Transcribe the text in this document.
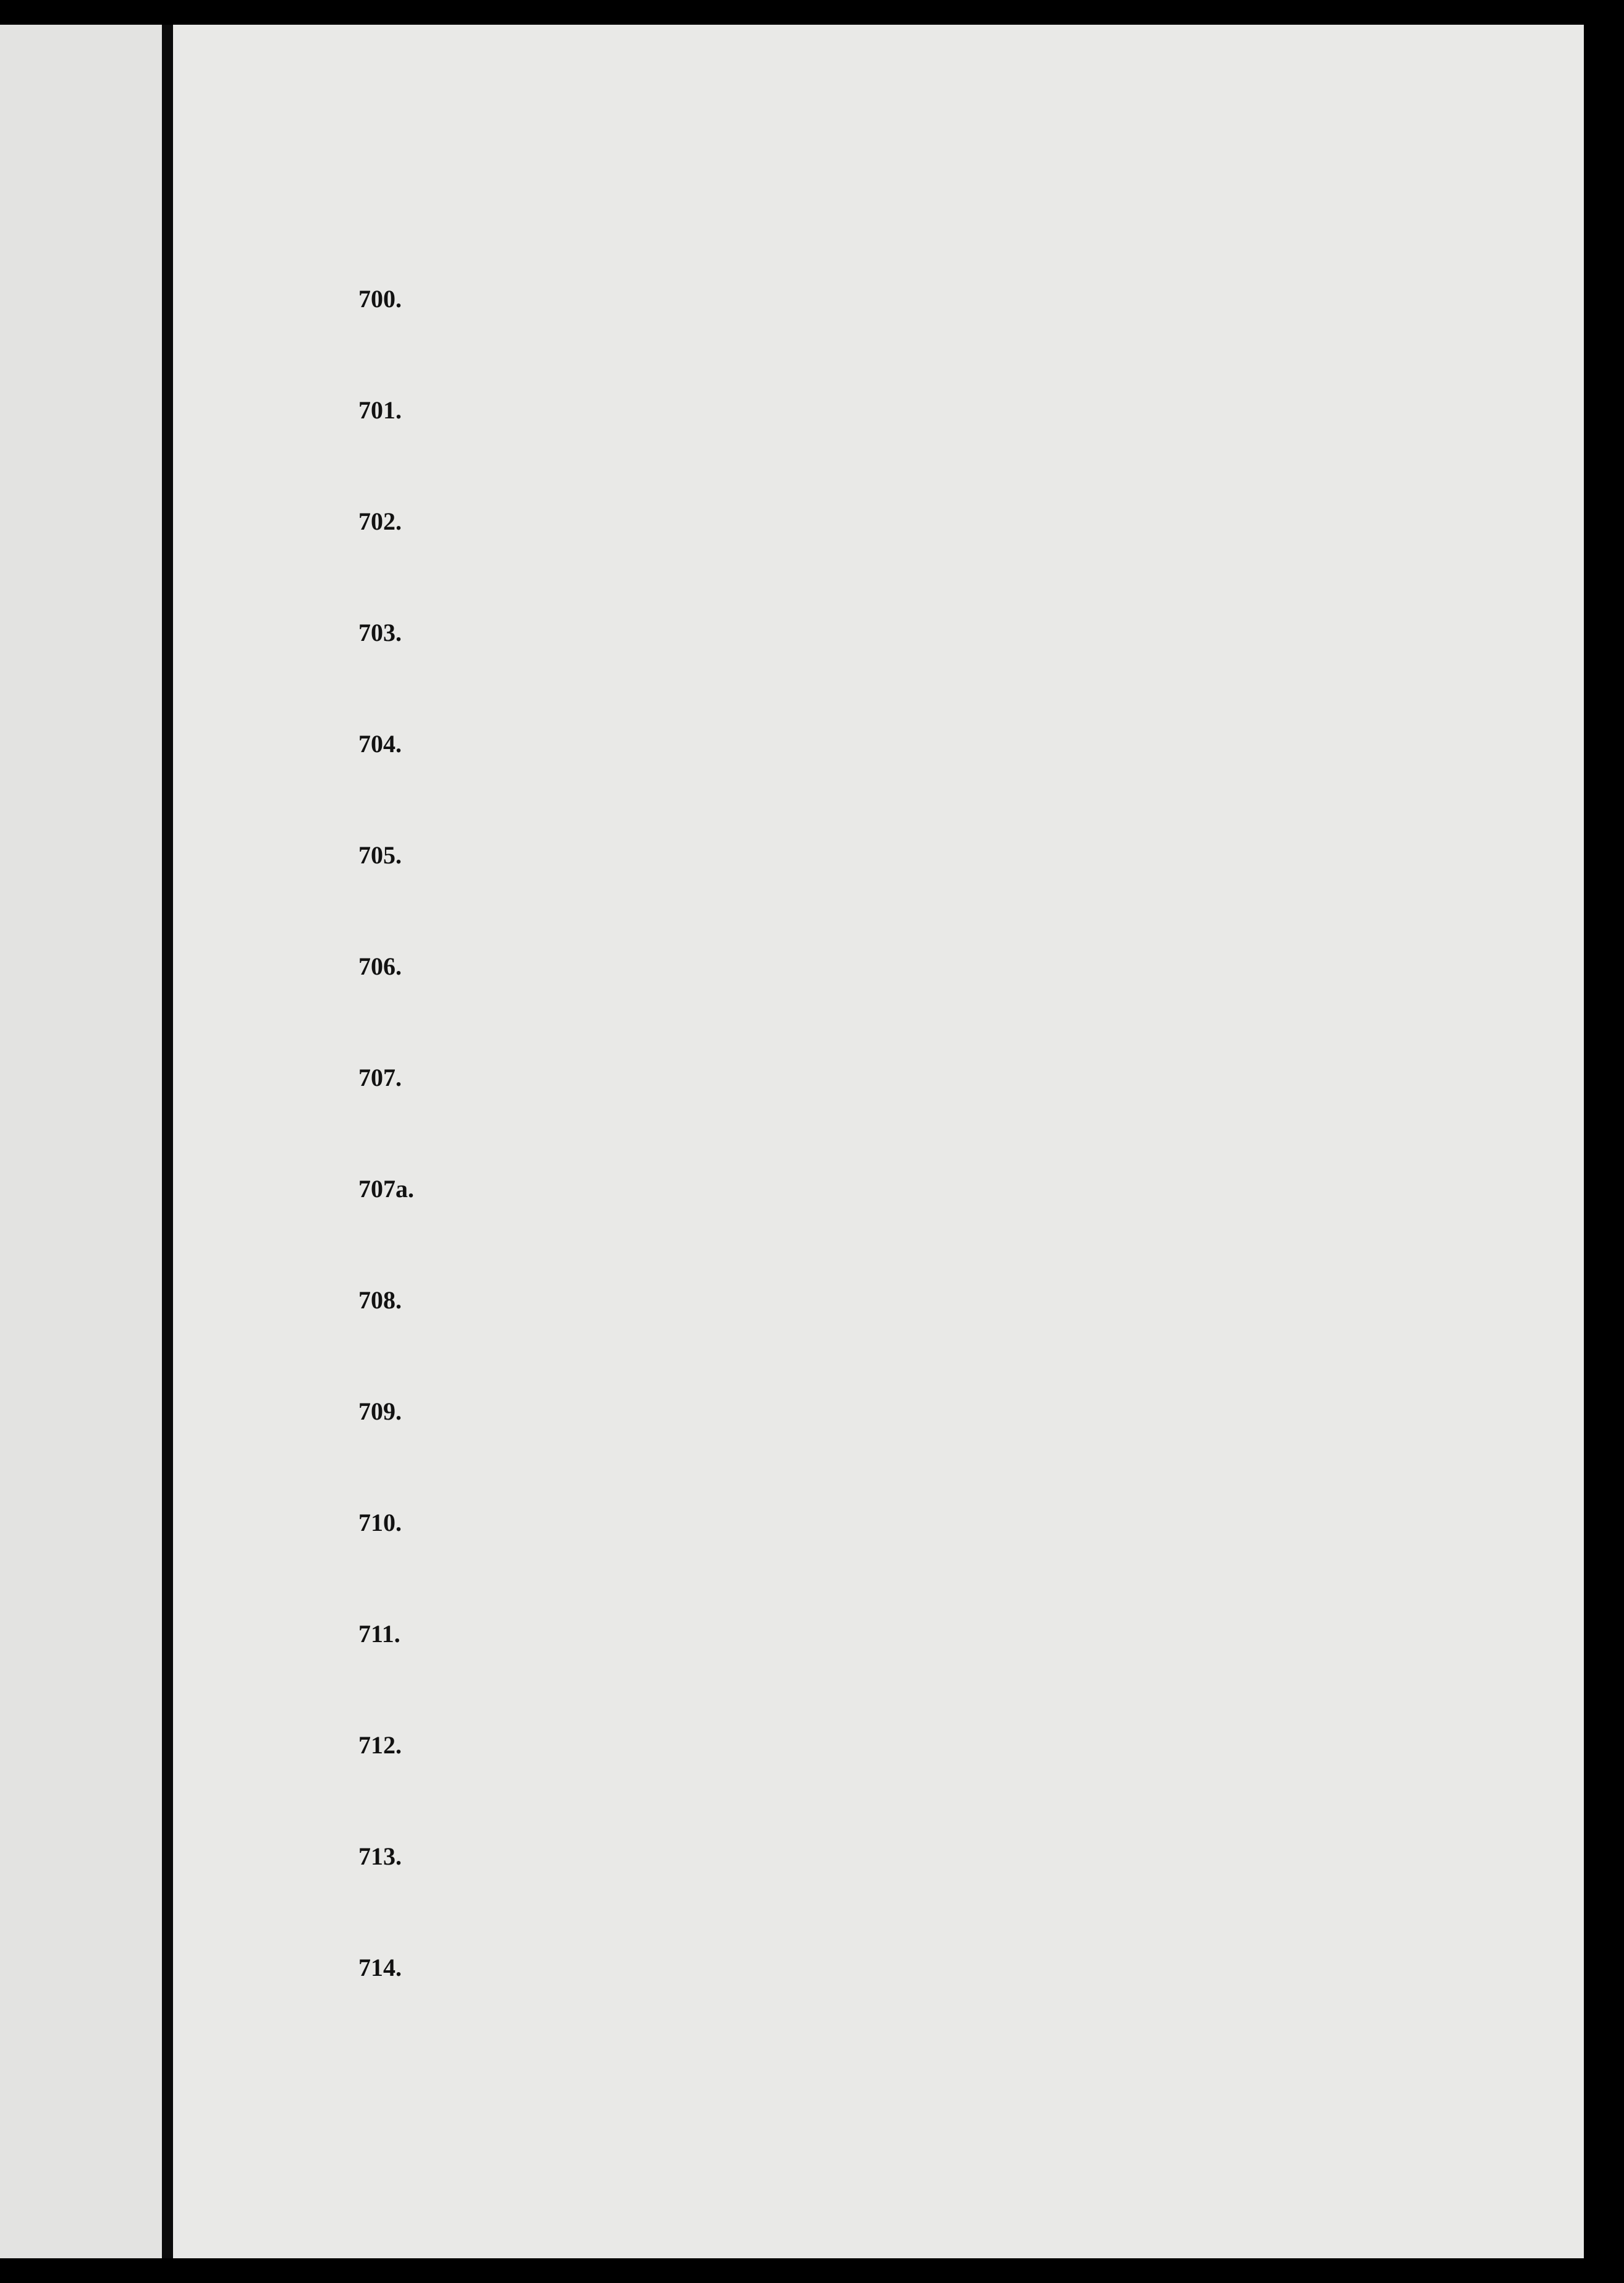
700.
701.
702.
703.
704.
705.
706.
707.
707a.
708.
709.
710.
711.
712.
713.
714.
